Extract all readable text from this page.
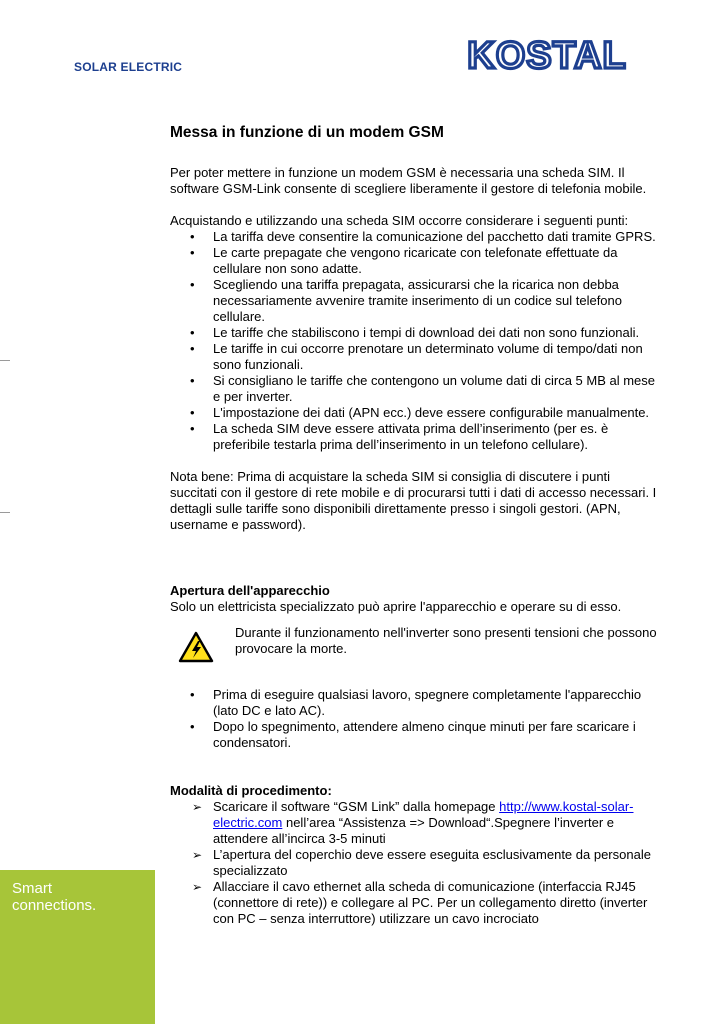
SOLAR ELECTRIC	KOSTAL
Messa in funzione di un modem GSM

Per poter mettere in funzione un modem GSM è necessaria una scheda SIM. Il software GSM-Link consente di scegliere liberamente il gestore di telefonia mobile.

Acquistando e utilizzando una scheda SIM occorre considerare i seguenti punti:

• La tariffa deve consentire la comunicazione del pacchetto dati tramite GPRS.
• Le carte prepagate che vengono ricaricate con telefonate effettuate da cellulare non sono adatte.
• Scegliendo una tariffa prepagata, assicurarsi che la ricarica non debba necessariamente avvenire tramite inserimento di un codice sul telefono cellulare.
• Le tariffe che stabiliscono i tempi di download dei dati non sono funzionali.
• Le tariffe in cui occorre prenotare un determinato volume di tempo/dati non sono funzionali.
• Si consigliano le tariffe che contengono un volume dati di circa 5 MB al mese e per inverter.
• L'impostazione dei dati (APN ecc.) deve essere configurabile manualmente.
• La scheda SIM deve essere attivata prima dell’inserimento (per es. è preferibile testarla prima dell’inserimento in un telefono cellulare).

Nota bene: Prima di acquistare la scheda SIM si consiglia di discutere i punti succitati con il gestore di rete mobile e di procurarsi tutti i dati di accesso necessari. I dettagli sulle tariffe sono disponibili direttamente presso i singoli gestori. (APN, username e password).

Apertura dell'apparecchio

Solo un elettricista specializzato può aprire l'apparecchio e operare su di esso.

Durante il funzionamento nell'inverter sono presenti tensioni che possono provocare la morte.

• Prima di eseguire qualsiasi lavoro, spegnere completamente l'apparecchio (lato DC e lato AC).
• Dopo lo spegnimento, attendere almeno cinque minuti per fare scaricare i condensatori.
Modalità di procedimento:
➢ Scaricare il software “GSM Link” dalla homepage http://www.kostal-solar-electric.com nell’area “Assistenza => Download“.Spegnere l’inverter e attendere all’incirca 3-5 minuti
➢ L’apertura del coperchio deve essere eseguita esclusivamente da personale specializzato
➢ Allacciare il cavo ethernet alla scheda di comunicazione (interfaccia RJ45 (connettore di rete)) e collegare al PC. Per un collegamento diretto (inverter con PC – senza interruttore) utilizzare un cavo incrociato
Smart
connections.
